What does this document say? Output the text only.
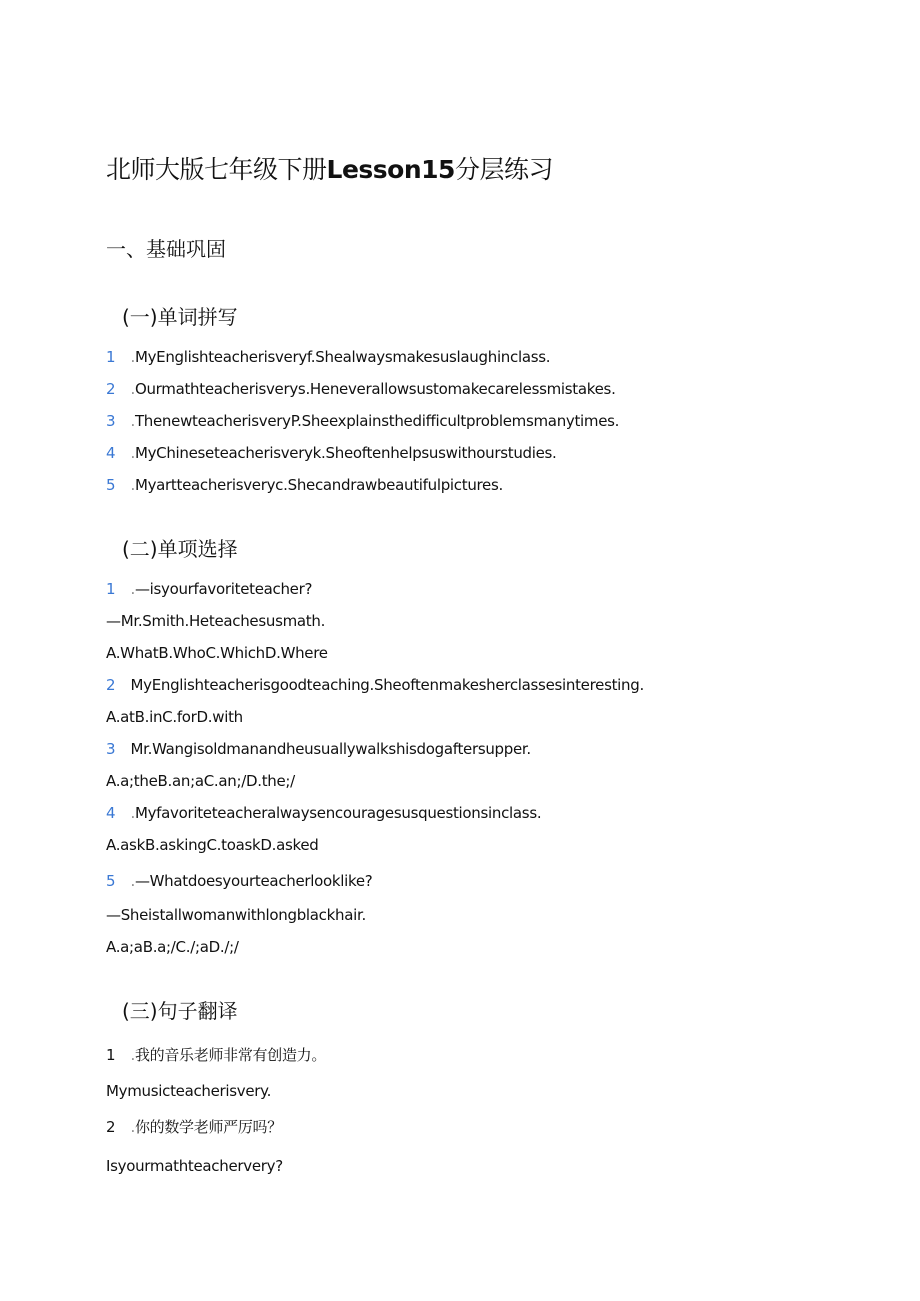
北师大版七年级下册Lesson15分层练习
一、基础巩固
(一)单词拼写
1 .MyEnglishteacherisveryf.Shealwaysmakesuslaughinclass.
2 .Ourmathteacherisverys.Heneverallowsustomakecarelessmistakes.
3 .ThenewteacherisveryP.Sheexplainsthedifficultproblemsmanytimes.
4 .MyChineseteacherisveryk.Sheoftenhelpsuswithourstudies.
5 .Myartteacherisveryc.Shecandrawbeautifulpictures.
(二)单项选择
1 .—isyourfavoriteteacher?
—Mr.Smith.Heteachesusmath.
A.WhatB.WhoC.WhichD.Where
2 MyEnglishteacherisgoodteaching.Sheoftenmakesherclassesinteresting.
A.atB.inC.forD.with
3 Mr.Wangisoldmanandheusuallywalkshisdogaftersupper.
A.a;theB.an;aC.an;/D.the;/
4 .Myfavoriteteacheralwaysencouragesusquestionsinclass.
A.askB.askingC.toaskD.asked
5 .—Whatdoesyourteacherlooklike?
—Sheistallwomanwithlongblackhair.
A.a;aB.a;/C./;aD./;/
(三)句子翻译
1 .我的音乐老师非常有创造力。
Mymusicteacherisvery.
2 .你的数学老师严厉吗？
Isyourmathteachervery?
